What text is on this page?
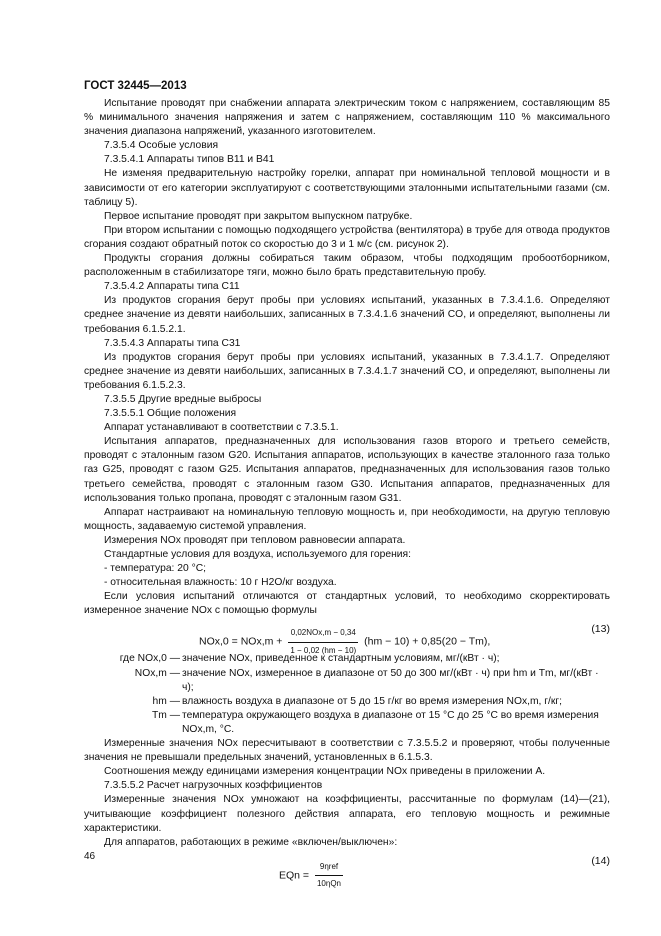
ГОСТ 32445—2013

Испытание проводят при снабжении аппарата электрическим током с напряжением, составляющим 85 % минимального значения напряжения и затем с напряжением, составляющим 110 % максимального значения диапазона напряжений, указанного изготовителем.

7.3.5.4 Особые условия

7.3.5.4.1 Аппараты типов B11 и B41

Не изменяя предварительную настройку горелки, аппарат при номинальной тепловой мощности и в зависимости от его категории эксплуатируют с соответствующими эталонными испытательными газами (см. таблицу 5).

Первое испытание проводят при закрытом выпускном патрубке.

При втором испытании с помощью подходящего устройства (вентилятора) в трубе для отвода продуктов сгорания создают обратный поток со скоростью до 3 и 1 м/с (см. рисунок 2).

Продукты сгорания должны собираться таким образом, чтобы подходящим пробоотборником, расположенным в стабилизаторе тяги, можно было брать представительную пробу.

7.3.5.4.2 Аппараты типа C11

Из продуктов сгорания берут пробы при условиях испытаний, указанных в 7.3.4.1.6. Определяют среднее значение из девяти наибольших, записанных в 7.3.4.1.6 значений CO, и определяют, выполнены ли требования 6.1.5.2.1.

7.3.5.4.3 Аппараты типа C31

Из продуктов сгорания берут пробы при условиях испытаний, указанных в 7.3.4.1.7. Определяют среднее значение из девяти наибольших, записанных в 7.3.4.1.7 значений CO, и определяют, выполнены ли требования 6.1.5.2.3.

7.3.5.5 Другие вредные выбросы

7.3.5.5.1 Общие положения

Аппарат устанавливают в соответствии с 7.3.5.1.

Испытания аппаратов, предназначенных для использования газов второго и третьего семейств, проводят с эталонным газом G20. Испытания аппаратов, использующих в качестве эталонного газа только газ G25, проводят с газом G25. Испытания аппаратов, предназначенных для использования газов только третьего семейства, проводят с эталонным газом G30. Испытания аппаратов, предназначенных для использования только пропана, проводят с эталонным газом G31.

Аппарат настраивают на номинальную тепловую мощность и, при необходимости, на другую тепловую мощность, задаваемую системой управления.

Измерения NOx проводят при тепловом равновесии аппарата.

Стандартные условия для воздуха, используемого для горения:

- температура: 20 °C;

- относительная влажность: 10 г H2O/кг воздуха.

Если условия испытаний отличаются от стандартных условий, то необходимо скорректировать измеренное значение NOx с помощью формулы

$NOx,0 = NOx,m + \frac{\text{0,02NOx,m − 0,34}}{1 - 0,02 (hm - 10)} (hm - 10) + 0,85(20 - Tm)$,
(13)
где NOx,0 — значение NOx, приведенное к стандартным условиям, мг/(кВт · ч);
NOx,m — значение NOx, измеренное в диапазоне от 50 до 300 мг/(кВт · ч) при hm и Tm, мг/(кВт · ч);
hm — влажность воздуха в диапазоне от 5 до 15 г/кг во время измерения NOx,m, г/кг;
Tm — температура окружающего воздуха в диапазоне от 15 °C до 25 °C во время измерения NOx,m, °C.

Измеренные значения NOx пересчитывают в соответствии с 7.3.5.5.2 и проверяют, чтобы полученные значения не превышали предельных значений, установленных в 6.1.5.3.

Соотношения между единицами измерения концентрации NOx приведены в приложении А.

7.3.5.5.2 Расчет нагрузочных коэффициентов

Измеренные значения NOx умножают на коэффициенты, рассчитанные по формулам (14)—(21), учитывающие коэффициент полезного действия аппарата, его тепловую мощность и режимные характеристики.

Для аппаратов, работающих в режиме «включен/выключен»:

EQn = $\frac{\text{9ηref}}{\text{10ηQn}}$	(14)
46
